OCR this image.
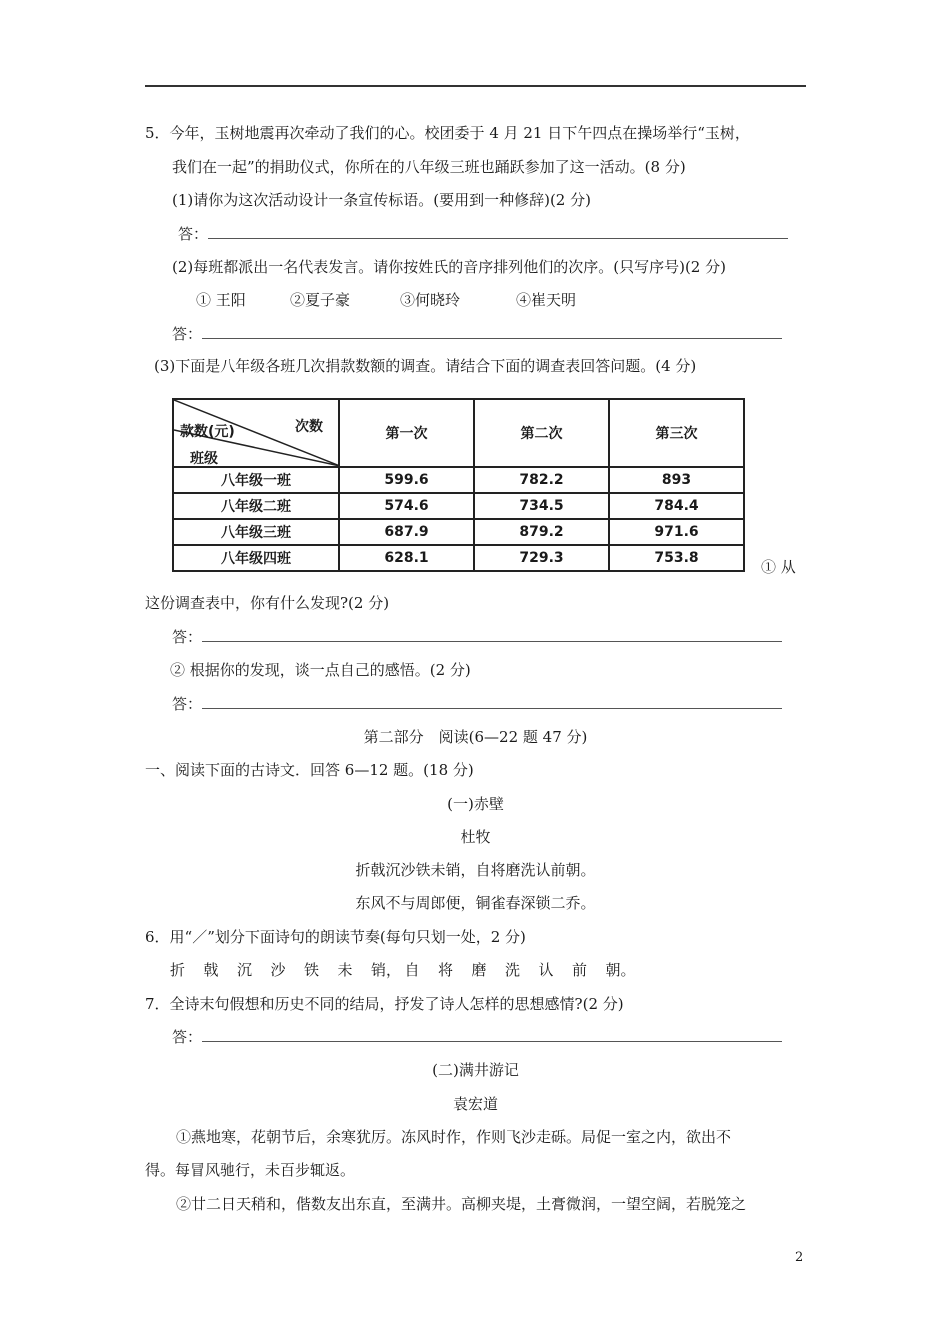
5．今年，玉树地震再次牵动了我们的心。校团委于 4 月 21 日下午四点在操场举行“玉树，
我们在一起”的捐助仪式，你所在的八年级三班也踊跃参加了这一活动。(8 分)
(1)请你为这次活动设计一条宣传标语。(要用到一种修辞)(2 分)
答：
(2)每班都派出一名代表发言。请你按姓氏的音序排列他们的次序。(只写序号)(2 分)
① 王阳	②夏子豪	③何晓玲	④崔天明
答：
(3)下面是八年级各班几次捐款数额的调查。请结合下面的调查表回答问题。(4 分)
次数
款数(元)
班级	第一次	第二次	第三次
八年级一班	599.6	782.2	893
八年级二班	574.6	734.5	784.4
八年级三班	687.9	879.2	971.6
八年级四班	628.1	729.3	753.8	① 从
这份调查表中，你有什么发现?(2 分)
答：
② 根据你的发现，谈一点自己的感悟。(2 分)
答：
第二部分　阅读(6—22 题 47 分)
一、阅读下面的古诗文．回答 6—12 题。(18 分)
(一)赤壁
杜牧
折戟沉沙铁未销，自将磨洗认前朝。
东风不与周郎便，铜雀春深锁二乔。
6．用“／”划分下面诗句的朗读节奏(每句只划一处，2 分)
折 戟 沉 沙 铁 未 销， 自 将 磨 洗 认 前 朝。
7．全诗末句假想和历史不同的结局，抒发了诗人怎样的思想感情?(2 分)
答：
(二)满井游记
袁宏道
①燕地寒，花朝节后，余寒犹厉。冻风时作，作则飞沙走砾。局促一室之内，欲出不
得。每冒风驰行，未百步辄返。
②廿二日天稍和，偕数友出东直，至满井。高柳夹堤，土膏微润，一望空阔，若脱笼之
2
